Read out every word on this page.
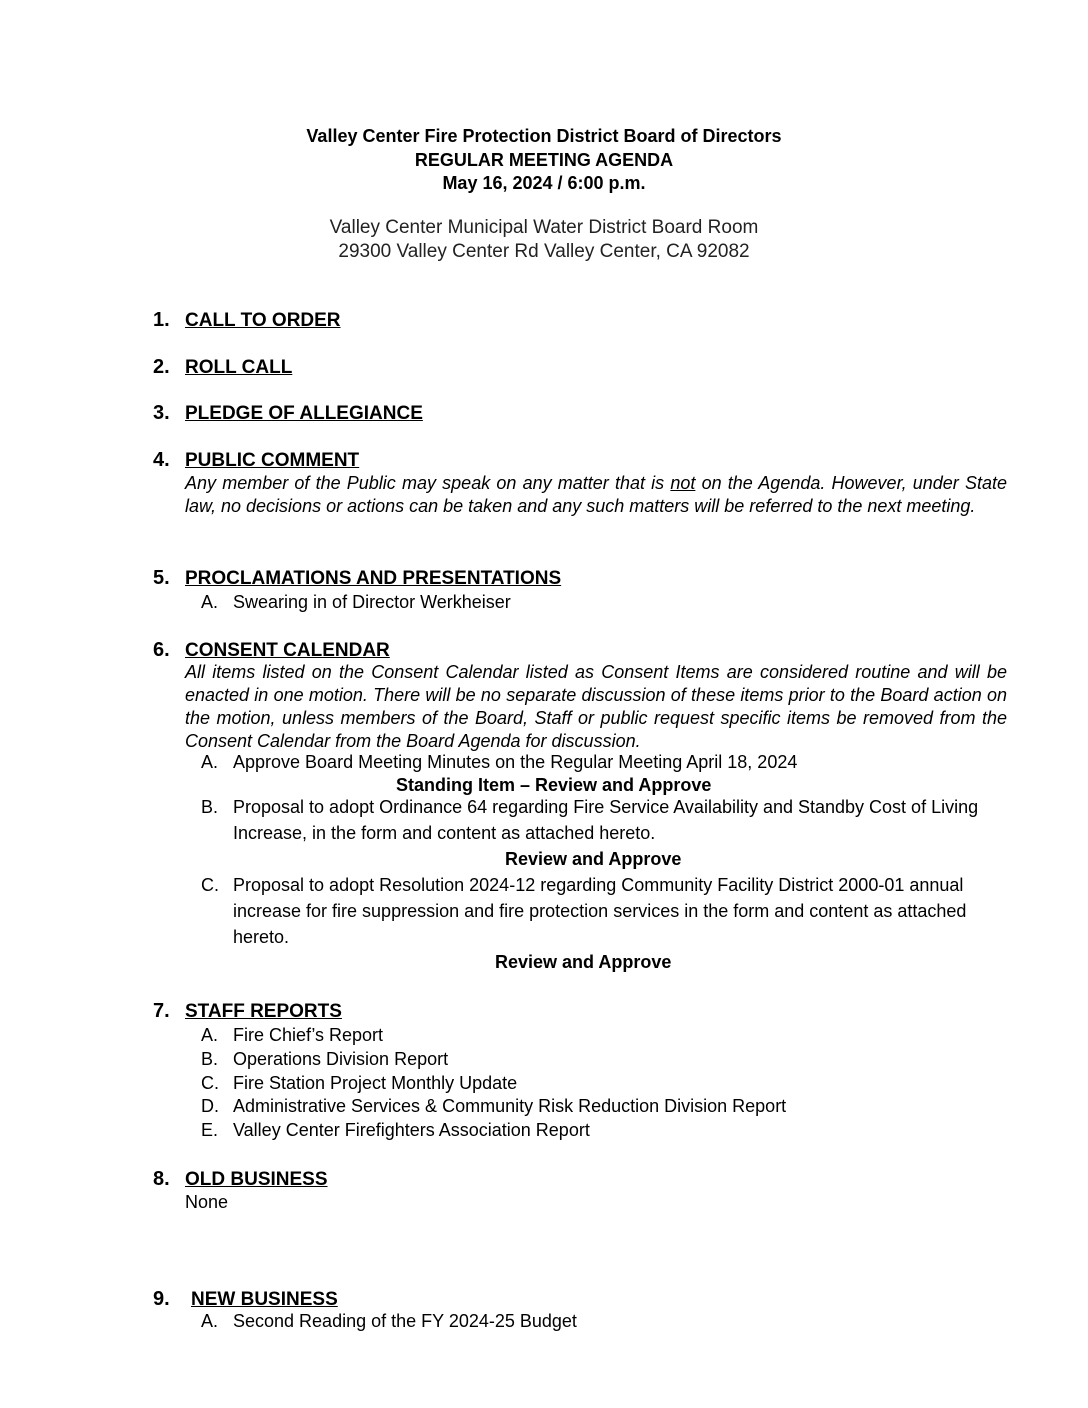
Valley Center Fire Protection District Board of Directors
REGULAR MEETING AGENDA
May 16, 2024 / 6:00 p.m.
Valley Center Municipal Water District Board Room
29300 Valley Center Rd Valley Center, CA 92082
1. CALL TO ORDER
2. ROLL CALL
3. PLEDGE OF ALLEGIANCE
4. PUBLIC COMMENT
Any member of the Public may speak on any matter that is not on the Agenda. However, under State law, no decisions or actions can be taken and any such matters will be referred to the next meeting.
5. PROCLAMATIONS AND PRESENTATIONS
A. Swearing in of Director Werkheiser
6. CONSENT CALENDAR
All items listed on the Consent Calendar listed as Consent Items are considered routine and will be enacted in one motion. There will be no separate discussion of these items prior to the Board action on the motion, unless members of the Board, Staff or public request specific items be removed from the Consent Calendar from the Board Agenda for discussion.
A. Approve Board Meeting Minutes on the Regular Meeting April 18, 2024
Standing Item – Review and Approve
B. Proposal to adopt Ordinance 64 regarding Fire Service Availability and Standby Cost of Living Increase, in the form and content as attached hereto.
Review and Approve
C. Proposal to adopt Resolution 2024-12 regarding Community Facility District 2000-01 annual increase for fire suppression and fire protection services in the form and content as attached hereto.
Review and Approve
7. STAFF REPORTS
A. Fire Chief’s Report
B. Operations Division Report
C. Fire Station Project Monthly Update
D. Administrative Services & Community Risk Reduction Division Report
E. Valley Center Firefighters Association Report
8. OLD BUSINESS
None
9. NEW BUSINESS
A. Second Reading of the FY 2024-25 Budget
